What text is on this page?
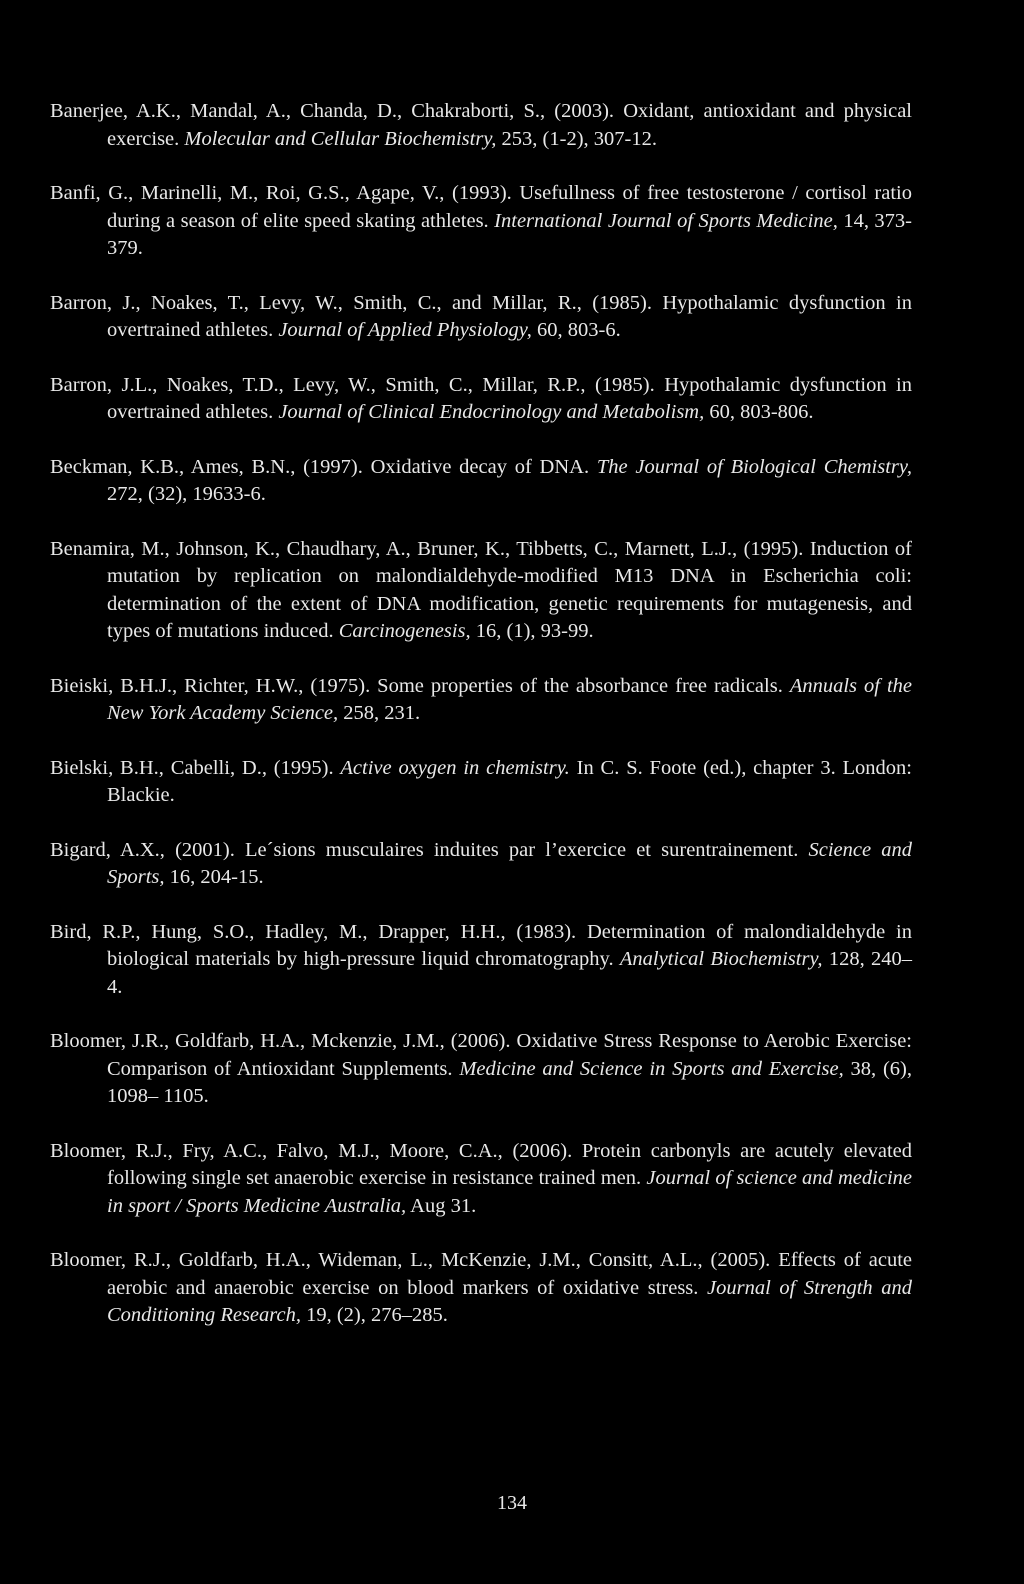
Banerjee, A.K., Mandal, A., Chanda, D., Chakraborti, S., (2003). Oxidant, antioxidant and physical exercise. Molecular and Cellular Biochemistry, 253, (1-2), 307-12.

Banfi, G., Marinelli, M., Roi, G.S., Agape, V., (1993). Usefullness of free testosterone / cortisol ratio during a season of elite speed skating athletes. International Journal of Sports Medicine, 14, 373-379.

Barron, J., Noakes, T., Levy, W., Smith, C., and Millar, R., (1985). Hypothalamic dysfunction in overtrained athletes. Journal of Applied Physiology, 60, 803-6.

Barron, J.L., Noakes, T.D., Levy, W., Smith, C., Millar, R.P., (1985). Hypothalamic dysfunction in overtrained athletes. Journal of Clinical Endocrinology and Metabolism, 60, 803-806.

Beckman, K.B., Ames, B.N., (1997). Oxidative decay of DNA. The Journal of Biological Chemistry, 272, (32), 19633-6.

Benamira, M., Johnson, K., Chaudhary, A., Bruner, K., Tibbetts, C., Marnett, L.J., (1995). Induction of mutation by replication on malondialdehyde-modified M13 DNA in Escherichia coli: determination of the extent of DNA modification, genetic requirements for mutagenesis, and types of mutations induced. Carcinogenesis, 16, (1), 93-99.

Bieiski, B.H.J., Richter, H.W., (1975). Some properties of the absorbance free radicals. Annuals of the New York Academy Science, 258, 231.

Bielski, B.H., Cabelli, D., (1995). Active oxygen in chemistry. In C. S. Foote (ed.), chapter 3. London: Blackie.

Bigard, A.X., (2001). Le´sions musculaires induites par l’exercice et surentrainement. Science and Sports, 16, 204-15.

Bird, R.P., Hung, S.O., Hadley, M., Drapper, H.H., (1983). Determination of malondialdehyde in biological materials by high-pressure liquid chromatography. Analytical Biochemistry, 128, 240–4.

Bloomer, J.R., Goldfarb, H.A., Mckenzie, J.M., (2006). Oxidative Stress Response to Aerobic Exercise: Comparison of Antioxidant Supplements. Medicine and Science in Sports and Exercise, 38, (6), 1098– 1105.

Bloomer, R.J., Fry, A.C., Falvo, M.J., Moore, C.A., (2006). Protein carbonyls are acutely elevated following single set anaerobic exercise in resistance trained men. Journal of science and medicine in sport / Sports Medicine Australia, Aug 31.

Bloomer, R.J., Goldfarb, H.A., Wideman, L., McKenzie, J.M., Consitt, A.L., (2005). Effects of acute aerobic and anaerobic exercise on blood markers of oxidative stress. Journal of Strength and Conditioning Research, 19, (2), 276–285.

134
